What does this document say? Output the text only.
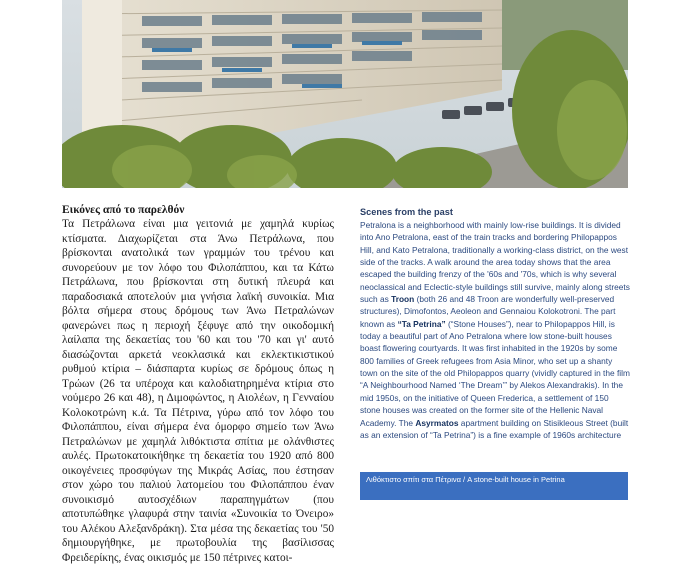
Εικόνες από το παρελθόν

Τα Πετράλωνα είναι μια γειτονιά με χαμηλά κυρίως κτίσματα. Διαχωρίζεται στα Άνω Πετράλωνα, που βρίσκονται ανατολικά των γραμμών του τρένου και συνορεύουν με τον λόφο του Φιλοπάππου, και τα Κάτω Πετράλωνα, που βρίσκονται στη δυτική πλευρά και παραδοσιακά αποτελούν μια γνήσια λαϊκή συνοικία. Μια βόλτα σήμερα στους δρόμους των Άνω Πετραλώνων φανερώνει πως η περιοχή ξέφυγε από την οικοδομική λαίλαπα της δεκαετίας του '60 και του '70 και γι' αυτό διασώζονται αρκετά νεοκλασικά και εκλεκτικιστικού ρυθμού κτίρια – διάσπαρτα κυρίως σε δρόμους όπως η Τρώων (26 τα υπέροχα και καλοδιατηρημένα κτίρια στο νούμερο 26 και 48), η Διμοφώντος, η Αιολέων, η Γενναίου Κολοκοτρώνη κ.ά. Τα Πέτρινα, γύρω από τον λόφο του Φιλοπάππου, είναι σήμερα ένα όμορφο σημείο των Άνω Πετραλώνων με χαμηλά λιθόκτιστα σπίτια με ολάνθιστες αυλές. Πρωτοκατοικήθηκε τη δεκαετία του 1920 από 800 οικογένειες προσφύγων της Μικράς Ασίας, που έστησαν στον χώρο του παλιού λατομείου του Φιλοπάππου έναν συνοικισμό αυτοσχέδιων παραπηγμάτων (που αποτυπώθηκε γλαφυρά στην ταινία «Συνοικία το Όνειρο» του Αλέκου Αλεξανδράκη). Στα μέσα της δεκαετίας του '50 δημιουργήθηκε, με πρωτοβουλία της βασίλισσας Φρειδερίκης, ένας οικισμός με 150 πέτρινες κατοι-

Scenes from the past

Petralona is a neighborhood with mainly low-rise buildings. It is divided into Ano Petralona, east of the train tracks and bordering Philopappos Hill, and Kato Petralona, traditionally a working-class district, on the west side of the tracks. A walk around the area today shows that the area escaped the building frenzy of the '60s and '70s, which is why several neoclassical and Eclectic-style buildings still survive, mainly along streets such as Troon (both 26 and 48 Troon are wonderfully well-preserved structures), Dimofontos, Aeoleon and Gennaiou Kolokotroni. The part known as “Ta Petrina” (“Stone Houses”), near to Philopappos Hill, is today a beautiful part of Ano Petralona where low stone-built houses boast flowering courtyards. It was first inhabited in the 1920s by some 800 families of Greek refugees from Asia Minor, who set up a shanty town on the site of the old Philopappos quarry (vividly captured in the film “A Neighbourhood Named ‘The Dream’” by Alekos Alexandrakis). In the mid 1950s, on the initiative of Queen Frederica, a settlement of 150 stone houses was created on the former site of the Hellenic Naval Academy. The Asyrmatos apartment building on Stisikleous Street (built as an extension of “Ta Petrina”) is a fine example of 1960s architecture

Λιθόκτιστο σπίτι στα Πέτρινα / A stone-built house in Petrina
